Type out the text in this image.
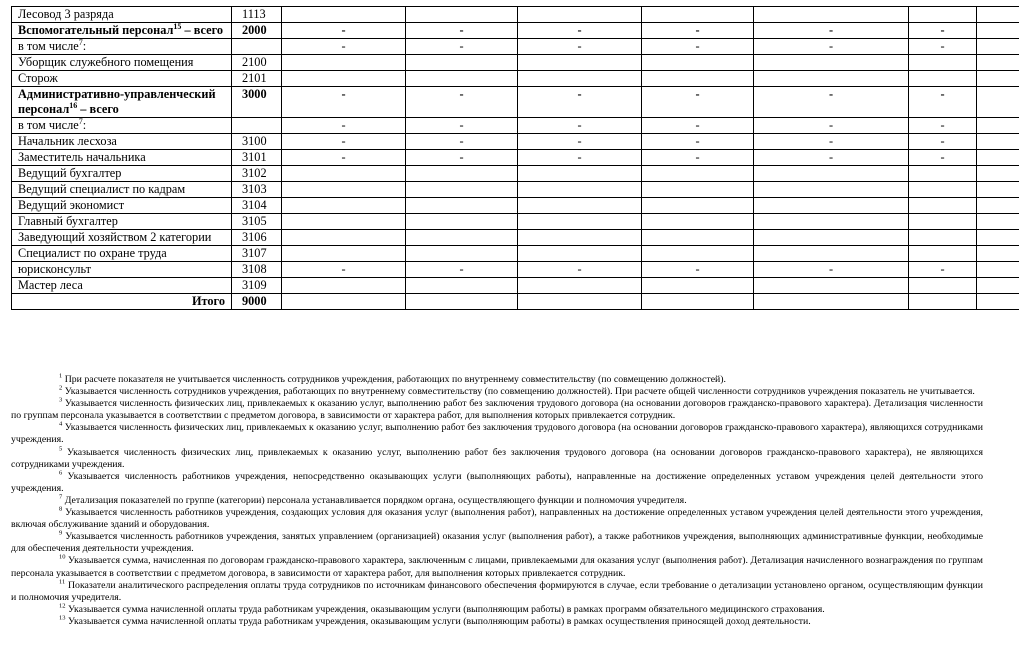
Лесовод 3 разряда	1113							
Вспомогательный персонал$^{15}$ – всего	2000	-	-	-	-	-	-	
в том числе$^7$:		-	-	-	-	-	-	
Уборщик служебного помещения	2100							
Сторож	2101							
Административно-управленческий персонал$^{16}$ – всего	3000	-	-	-	-	-	-	
в том числе$^7$:		-	-	-	-	-	-	
Начальник лесхоза	3100	-	-	-	-	-	-	
Заместитель начальника	3101	-	-	-	-	-	-	
Ведущий бухгалтер	3102							
Ведущий специалист по кадрам	3103							
Ведущий экономист	3104							
Главный бухгалтер	3105							
Заведующий хозяйством 2 категории	3106							
Специалист по охране труда	3107							
юрисконсульт	3108	-	-	-	-	-	-	
Мастер леса	3109							
Итого	9000							

$^1$ При расчете показателя не учитывается численность сотрудников учреждения, работающих по внутреннему совместительству (по совмещению должностей).

$^2$ Указывается численность сотрудников учреждения, работающих по внутреннему совместительству (по совмещению должностей). При расчете общей численности сотрудников учреждения показатель не учитывается.

$^3$ Указывается численность физических лиц, привлекаемых к оказанию услуг, выполнению работ без заключения трудового договора (на основании договоров гражданско-правового характера). Детализация численности по группам персонала указывается в соответствии с предметом договора, в зависимости от характера работ, для выполнения которых привлекается сотрудник.

$^4$ Указывается численность физических лиц, привлекаемых к оказанию услуг, выполнению работ без заключения трудового договора (на основании договоров гражданско-правового характера), являющихся сотрудниками учреждения.

$^5$ Указывается численность физических лиц, привлекаемых к оказанию услуг, выполнению работ без заключения трудового договора (на основании договоров гражданско-правового характера), не являющихся сотрудниками учреждения.

$^6$ Указывается численность работников учреждения, непосредственно оказывающих услуги (выполняющих работы), направленные на достижение определенных уставом учреждения целей деятельности этого учреждения.

$^7$ Детализация показателей по группе (категории) персонала устанавливается порядком органа, осуществляющего функции и полномочия учредителя.

$^8$ Указывается численность работников учреждения, создающих условия для оказания услуг (выполнения работ), направленных на достижение определенных уставом учреждения целей деятельности этого учреждения, включая обслуживание зданий и оборудования.

$^9$ Указывается численность работников учреждения, занятых управлением (организацией) оказания услуг (выполнения работ), а также работников учреждения, выполняющих административные функции, необходимые для обеспечения деятельности учреждения.

$^{10}$ Указывается сумма, начисленная по договорам гражданско-правового характера, заключенным с лицами, привлекаемыми для оказания услуг (выполнения работ). Детализация начисленного вознаграждения по группам персонала указывается в соответствии с предметом договора, в зависимости от характера работ, для выполнения которых привлекается сотрудник.

$^{11}$ Показатели аналитического распределения оплаты труда сотрудников по источникам финансового обеспечения формируются в случае, если требование о детализации установлено органом, осуществляющим функции и полномочия учредителя.

$^{12}$ Указывается сумма начисленной оплаты труда работникам учреждения, оказывающим услуги (выполняющим работы) в рамках программ обязательного медицинского страхования.

$^{13}$ Указывается сумма начисленной оплаты труда работникам учреждения, оказывающим услуги (выполняющим работы) в рамках осуществления приносящей доход деятельности.
